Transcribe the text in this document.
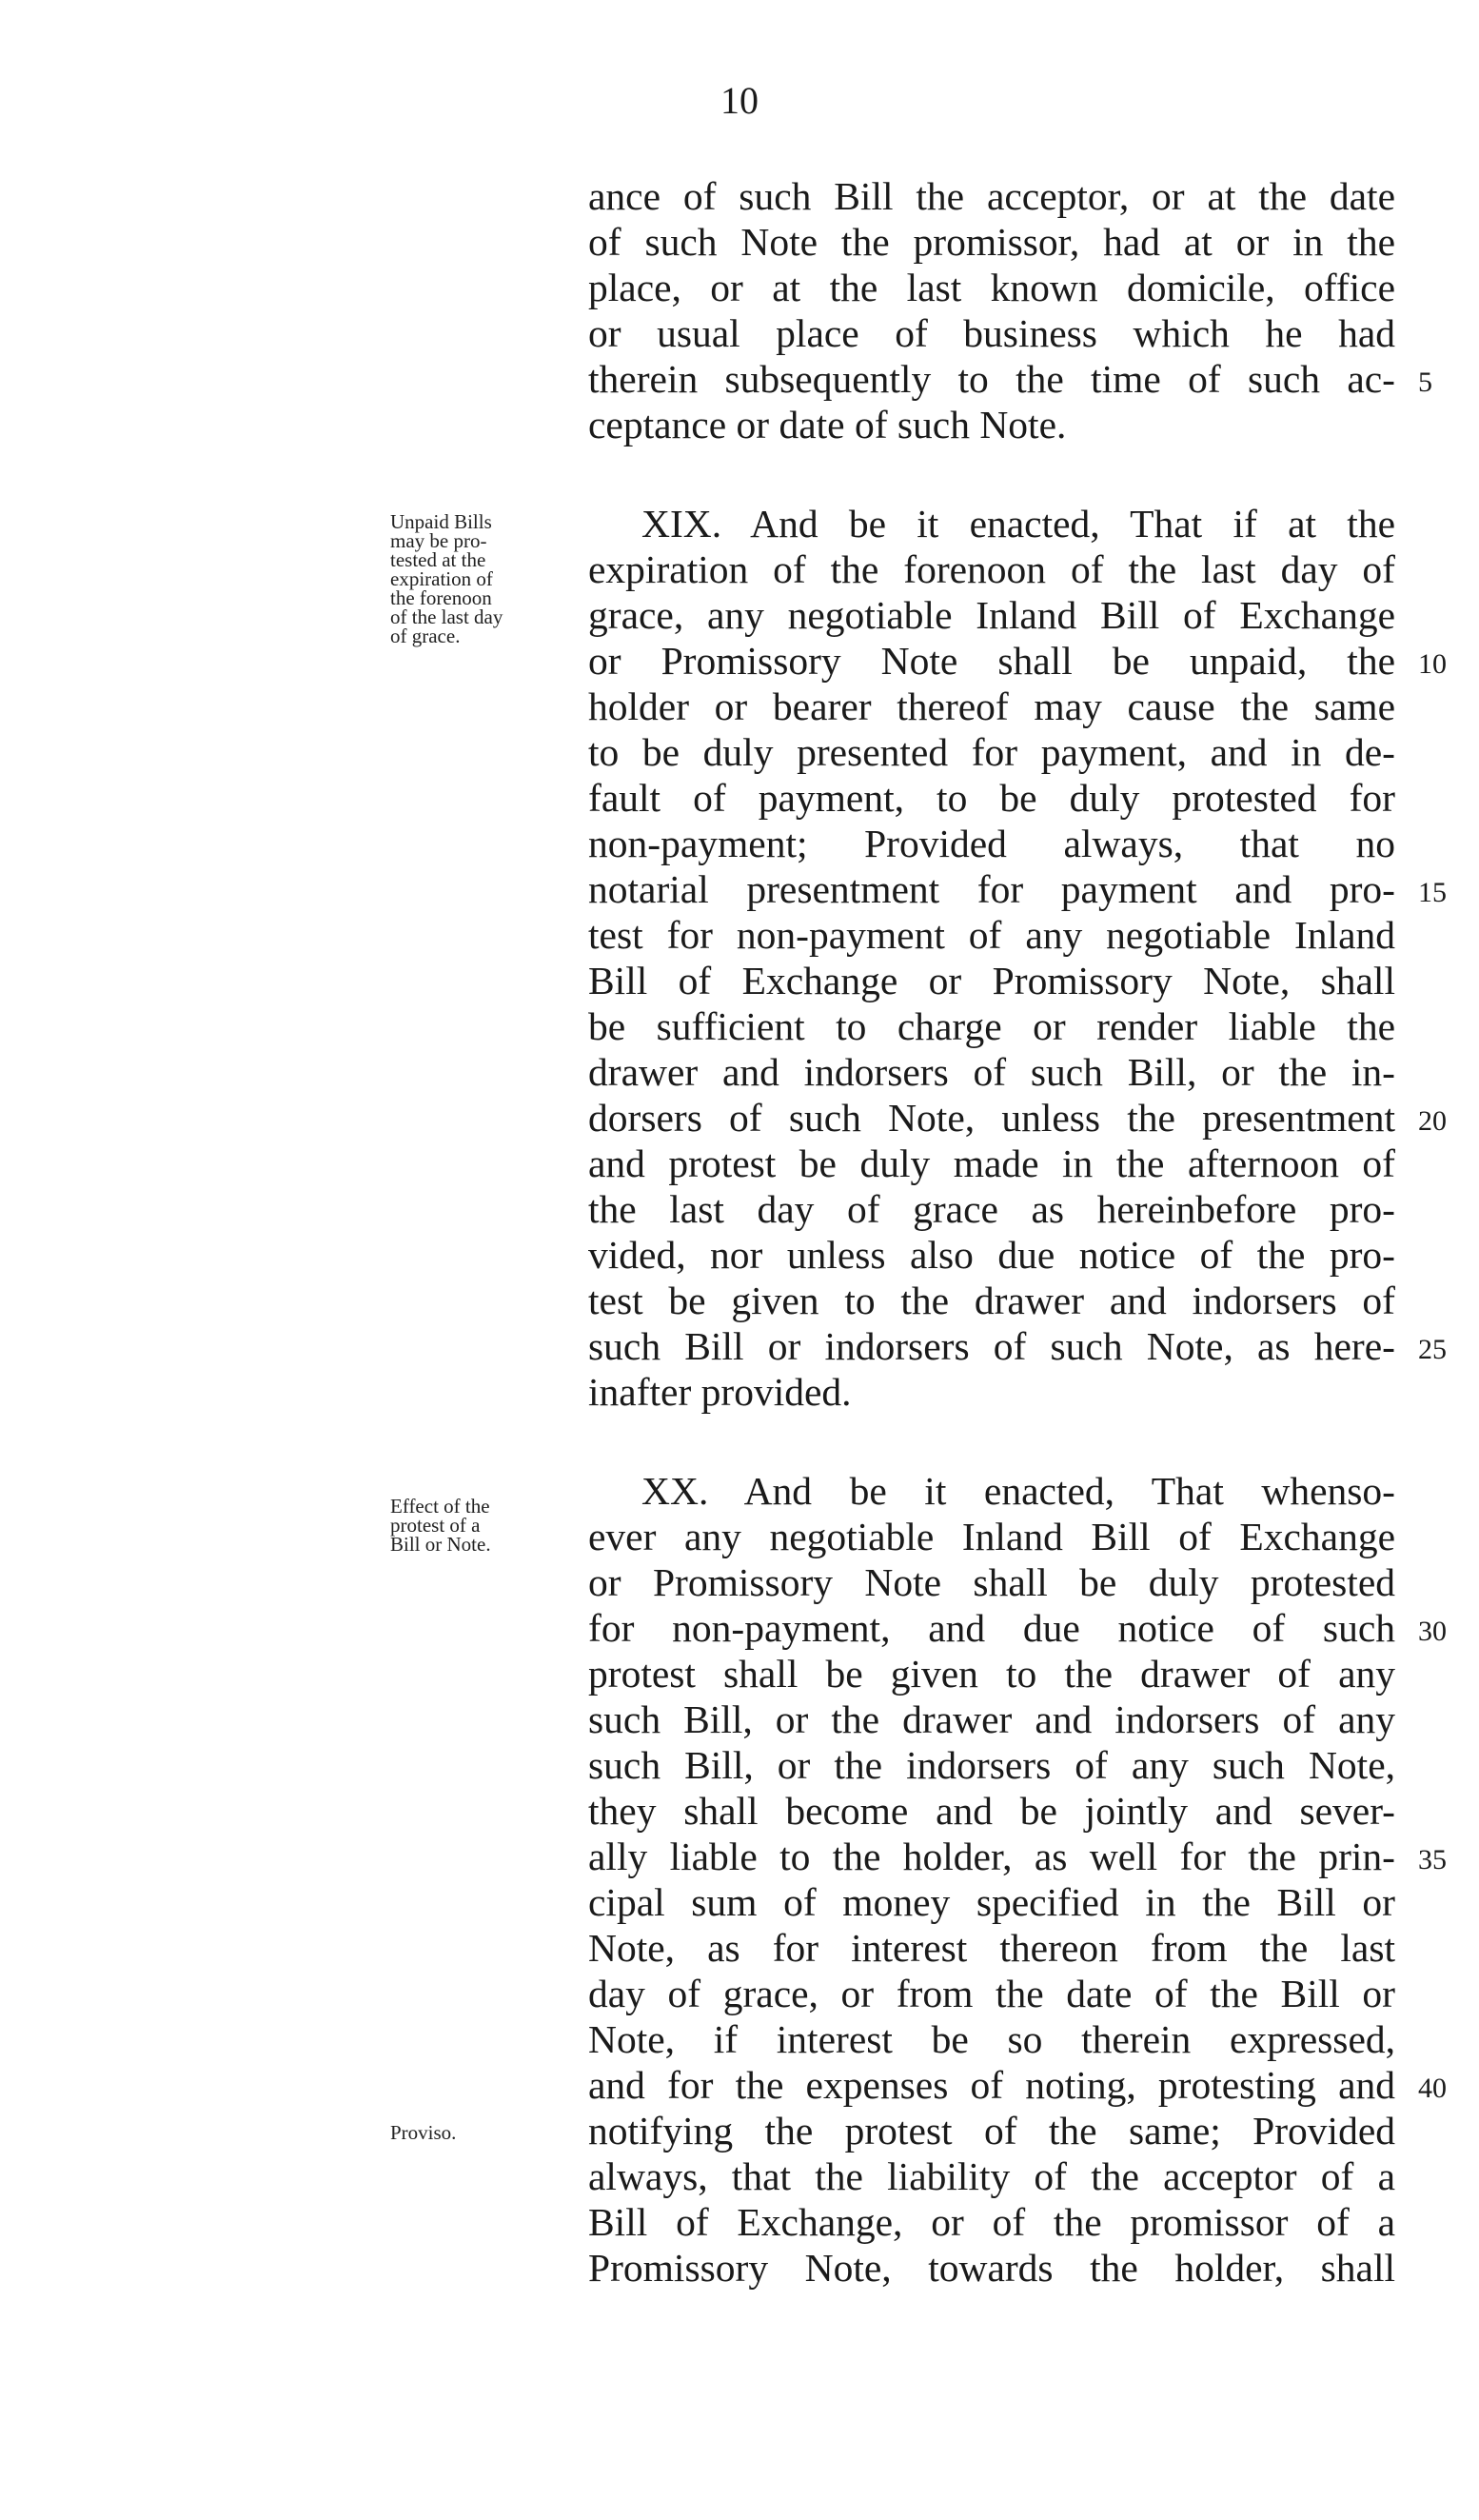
10
ance of such Bill the acceptor, or at the date
of such Note the promissor, had at or in the
place, or at the last known domicile, office
or usual place of business which he had
therein subsequently to the time of such ac-
ceptance or date of such Note.
XIX. And be it enacted, That if at the
expiration of the forenoon of the last day of
grace, any negotiable Inland Bill of Exchange
or Promissory Note shall be unpaid, the
holder or bearer thereof may cause the same
to be duly presented for payment, and in de-
fault of payment, to be duly protested for
non-payment; Provided always, that no
notarial presentment for payment and pro-
test for non-payment of any negotiable Inland
Bill of Exchange or Promissory Note, shall
be sufficient to charge or render liable the
drawer and indorsers of such Bill, or the in-
dorsers of such Note, unless the presentment
and protest be duly made in the afternoon of
the last day of grace as hereinbefore pro-
vided, nor unless also due notice of the pro-
test be given to the drawer and indorsers of
such Bill or indorsers of such Note, as here-
inafter provided.
XX. And be it enacted, That whenso-
ever any negotiable Inland Bill of Exchange
or Promissory Note shall be duly protested
for non-payment, and due notice of such
protest shall be given to the drawer of any
such Bill, or the drawer and indorsers of any
such Bill, or the indorsers of any such Note,
they shall become and be jointly and sever-
ally liable to the holder, as well for the prin-
cipal sum of money specified in the Bill or
Note, as for interest thereon from the last
day of grace, or from the date of the Bill or
Note, if interest be so therein expressed,
and for the expenses of noting, protesting and
notifying the protest of the same; Provided
always, that the liability of the acceptor of a
Bill of Exchange, or of the promissor of a
Promissory Note, towards the holder, shall
Unpaid Bills
may be pro-
tested at the
expiration of
the forenoon
of the last day
of grace.
Effect of the
protest of a
Bill or Note.
Proviso.
5
10
15
20
25
30
35
40
